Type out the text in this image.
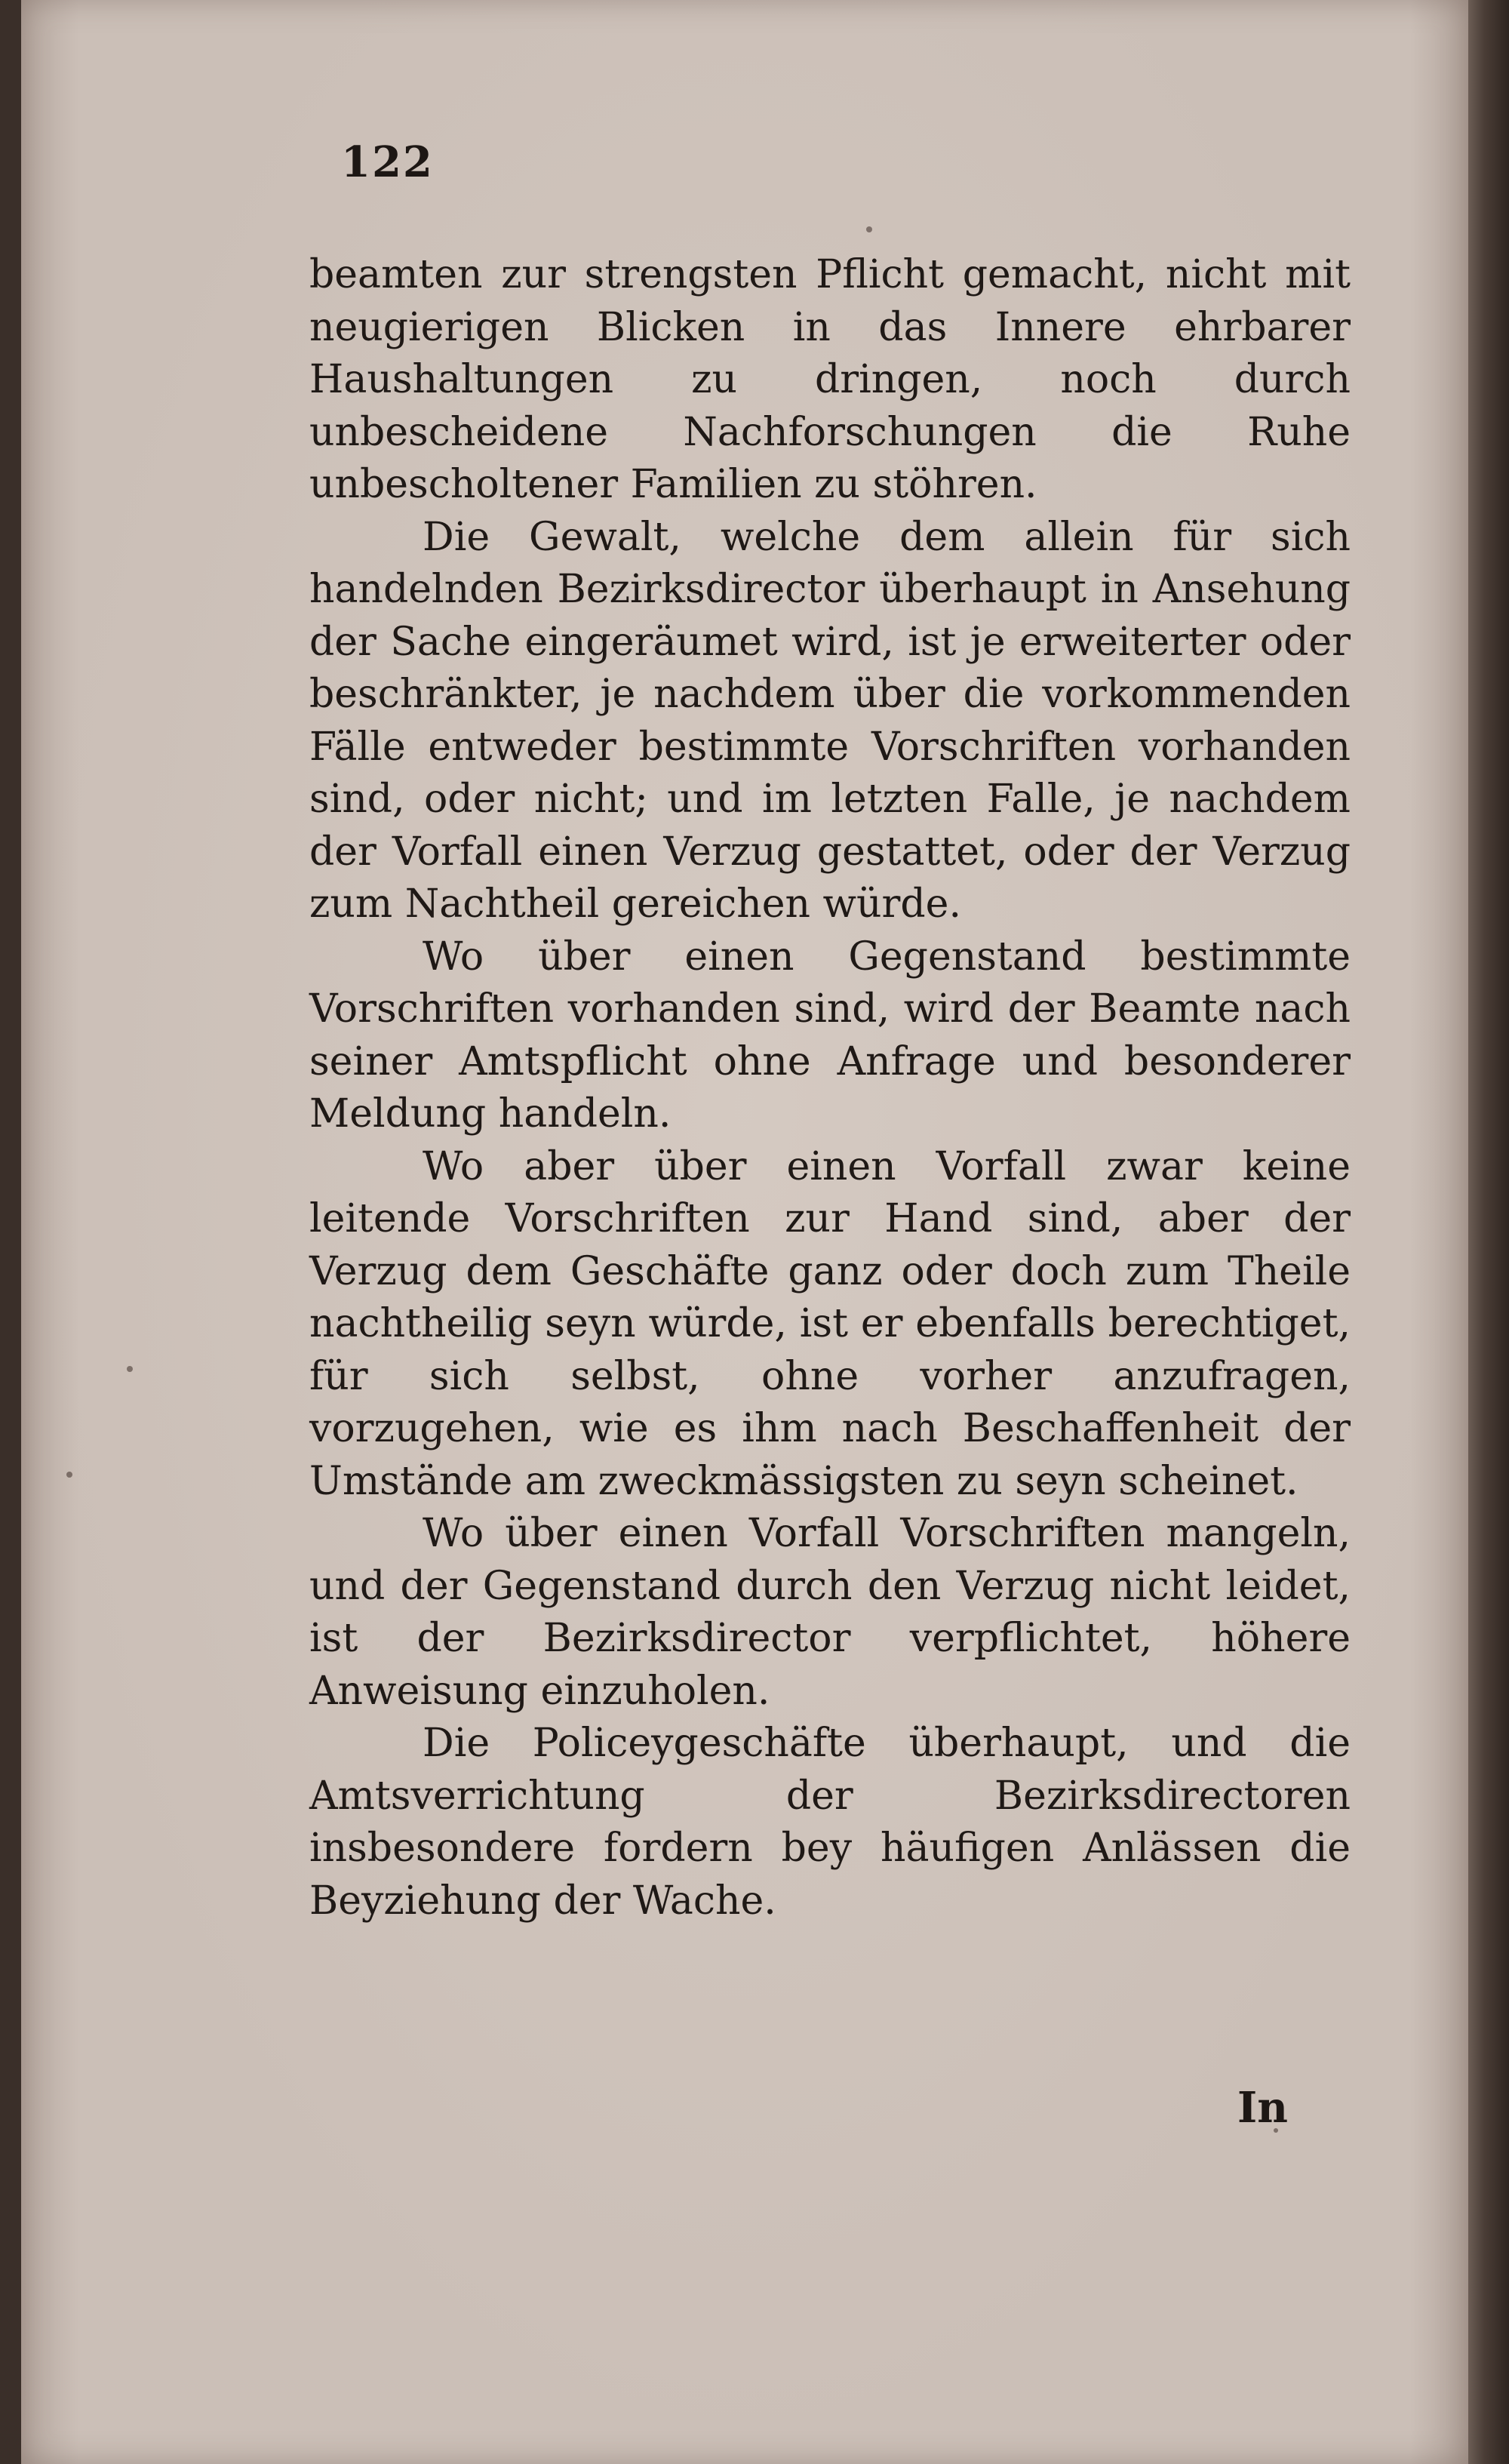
122

beamten zur strengsten Pflicht gemacht, nicht mit neugierigen Blicken in das Innere ehrbarer Haushaltungen zu dringen, noch durch unbescheidene Nachforschungen die Ruhe unbescholtener Familien zu stöhren.

Die Gewalt, welche dem allein für sich handelnden Bezirksdirector überhaupt in Ansehung der Sache eingeräumet wird, ist je erweiterter oder beschränkter, je nachdem über die vorkommenden Fälle entweder bestimmte Vorschriften vorhanden sind, oder nicht; und im letzten Falle, je nachdem der Vorfall einen Verzug gestattet, oder der Verzug zum Nachtheil gereichen würde.

Wo über einen Gegenstand bestimmte Vorschriften vorhanden sind, wird der Beamte nach seiner Amtspflicht ohne Anfrage und besonderer Meldung handeln.

Wo aber über einen Vorfall zwar keine leitende Vorschriften zur Hand sind, aber der Verzug dem Geschäfte ganz oder doch zum Theile nachtheilig seyn würde, ist er ebenfalls berechtiget, für sich selbst, ohne vorher anzufragen, vorzugehen, wie es ihm nach Beschaffenheit der Umstände am zweckmässigsten zu seyn scheinet.

Wo über einen Vorfall Vorschriften mangeln, und der Gegenstand durch den Verzug nicht leidet, ist der Bezirksdirector verpflichtet, höhere Anweisung einzuholen.

Die Policeygeschäfte überhaupt, und die Amtsverrichtung der Bezirksdirectoren insbesondere fordern bey häufigen Anlässen die Beyziehung der Wache.

In
